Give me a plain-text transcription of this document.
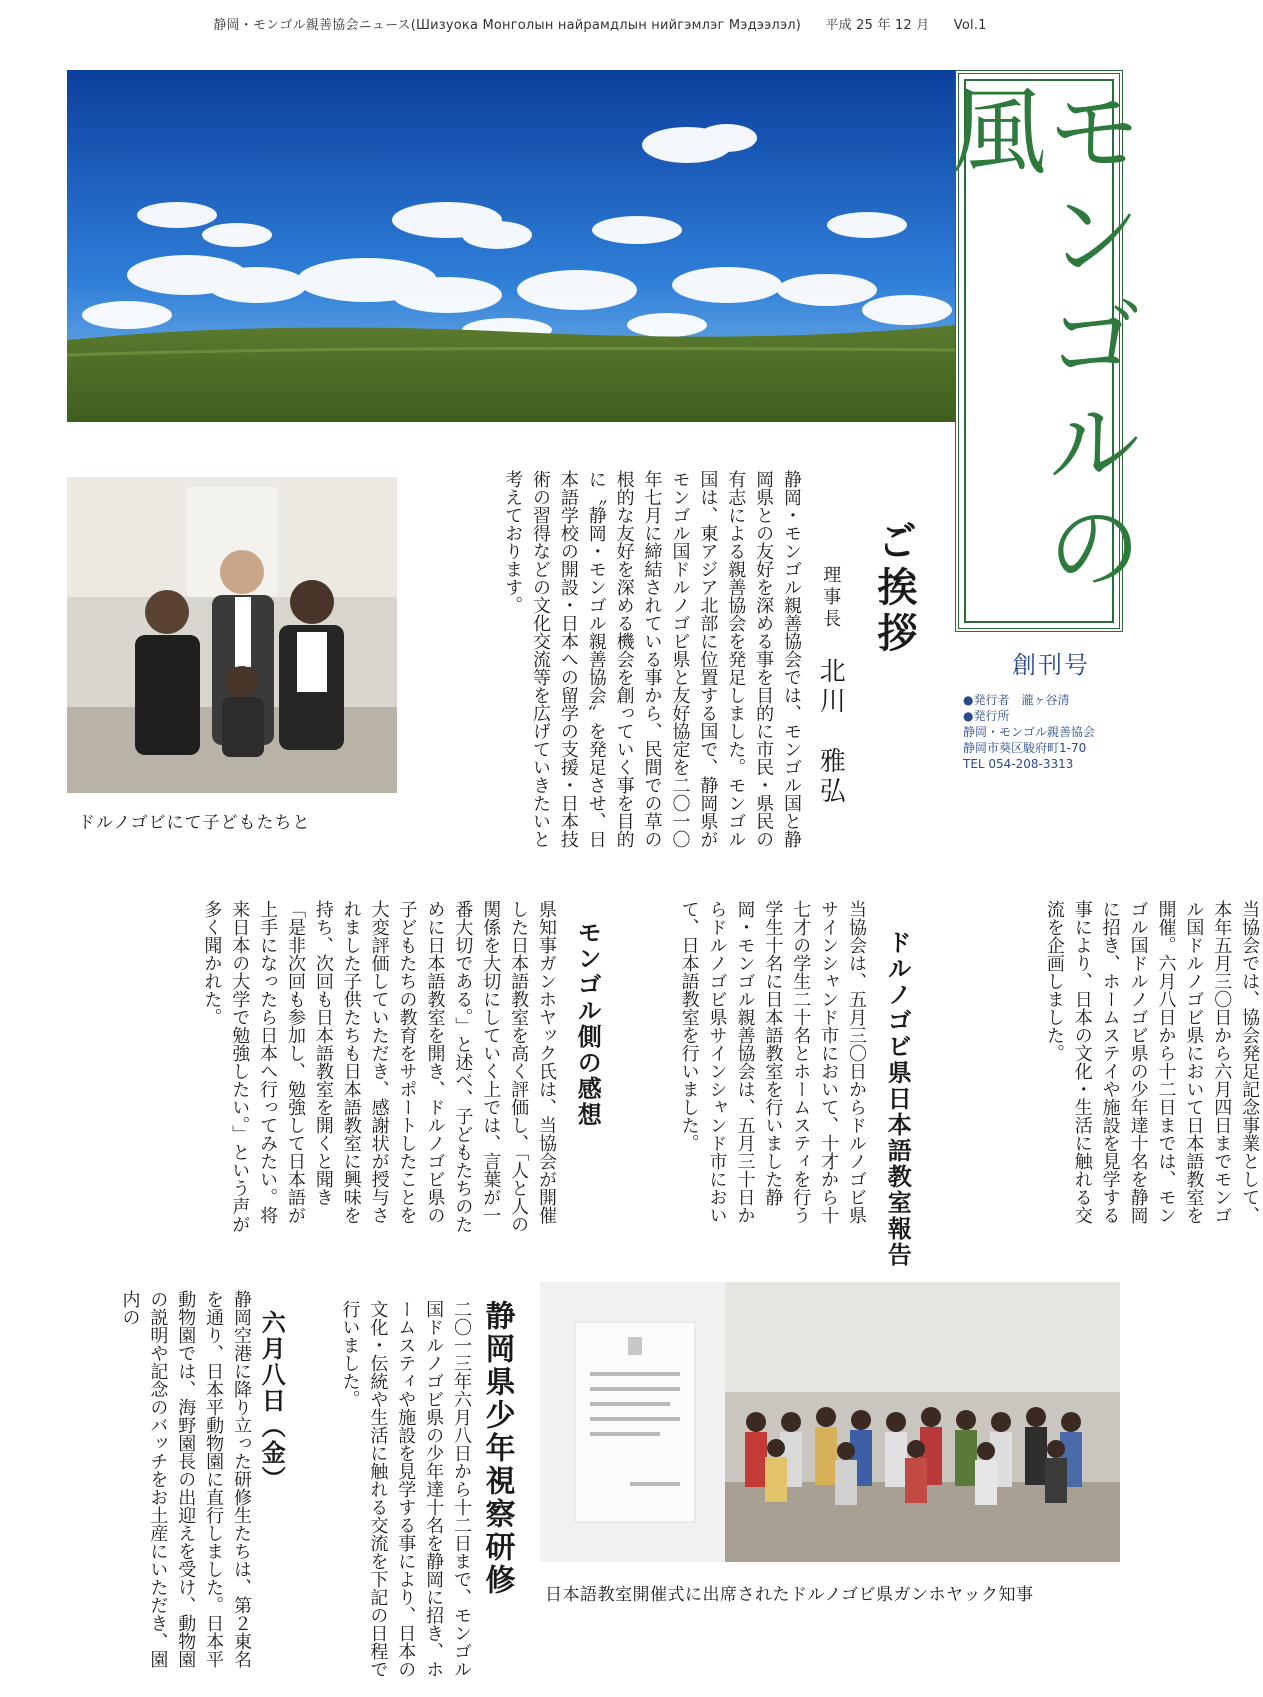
静岡・モンゴル親善協会ニュース(Шизуока Монголын найрамдлын нийгэмлэг Мэдээлэл) 平成 25 年 12 月 Vol.1
モンゴルの風
創刊号
●発行者　瀧ヶ谷清
●発行所
静岡・モンゴル親善協会
静岡市葵区駿府町1-70
TEL 054-208-3313
ドルノゴビにて子どもたちと
ご挨拶
理事長 北川　雅弘
静岡・モンゴル親善協会では、モンゴル国と静岡県との友好を深める事を目的に市民・県民の有志による親善協会を発足しました。モンゴル国は、東アジア北部に位置する国で、静岡県がモンゴル国ドルノゴビ県と友好協定を二〇一〇年七月に締結されている事から、民間での草の根的な友好を深める機会を創っていく事を目的に〝静岡・モンゴル親善協会〟を発足させ、日本語学校の開設・日本への留学の支援・日本技術の習得などの文化交流等を広げていきたいと考えております。
当協会では、協会発足記念事業として、本年五月三〇日から六月四日までモンゴル国ドルノゴビ県において日本語教室を開催。六月八日から十二日までは、モンゴル国ドルノゴビ県の少年達十名を静岡に招き、ホームステイや施設を見学する事により、日本の文化・生活に触れる交流を企画しました。
ドルノゴビ県日本語教室報告
当協会は、五月三〇日からドルノゴビ県サインシャンド市において、十才から十七才の学生二十名とホームスティを行う学生十名に日本語教室を行いました静岡・モンゴル親善協会は、五月三十日からドルノゴビ県サインシャンド市において、日本語教室を行いました。
モンゴル側の感想
県知事ガンホヤック氏は、当協会が開催した日本語教室を高く評価し、「人と人の関係を大切にしていく上では、言葉が一番大切である。」と述べ、子どもたちのために日本語教室を開き、ドルノゴビ県の子どもたちの教育をサポートしたことを大変評価していただき、感謝状が授与されました子供たちも日本語教室に興味を持ち、次回も日本語教室を開くと聞き「是非次回も参加し、勉強して日本語が上手になったら日本へ行ってみたい。将来日本の大学で勉強したい。」という声が多く聞かれた。
静岡県少年視察研修
二〇一三年六月八日から十二日まで、モンゴル国ドルノゴビ県の少年達十名を静岡に招き、ホームスティや施設を見学する事により、日本の文化・伝統や生活に触れる交流を下記の日程で行いました。
六月八日（金）
静岡空港に降り立った研修生たちは、第２東名を通り、日本平動物園に直行しました。日本平動物園では、海野園長の出迎えを受け、動物園の説明や記念のバッチをお土産にいただき、園内の
日本語教室開催式に出席されたドルノゴビ県ガンホヤック知事
